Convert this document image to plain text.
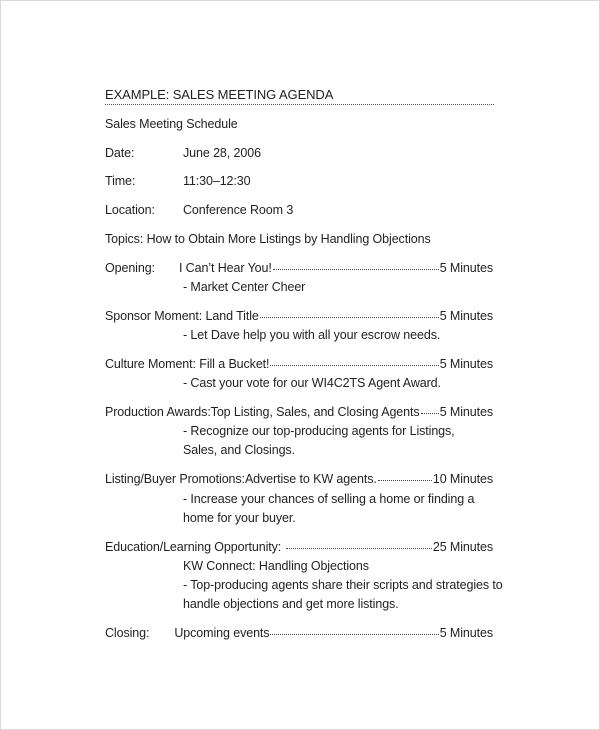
EXAMPLE: SALES MEETING AGENDA
Sales Meeting Schedule
Date:	June 28, 2006
Time:	11:30–12:30
Location: Conference Room 3
Topics: How to Obtain More Listings by Handling Objections
Opening: I Can’t Hear You!	5 Minutes
- Market Center Cheer
Sponsor Moment : Land Title	5 Minutes
- Let Dave help you with all your escrow needs.
Culture Moment : Fill a Bucket!	5 Minutes
- Cast your vote for our WI4C2TS Agent Award.
Production Awards :Top Listing, Sales, and Closing Agents 5 Minutes
- Recognize our top-producing agents for Listings,
Sales, and Closings.
Listing/Buyer Promotions: Advertise to KW agents.	10 Minutes
- Increase your chances of selling a home or finding a
home for your buyer.
Education/Learning Opportunity:	25 Minutes
KW Connect: Handling Objections
- Top-producing agents share their scripts and strategies to
handle objections and get more listings.
Closing: Upcoming events	5 Minutes
